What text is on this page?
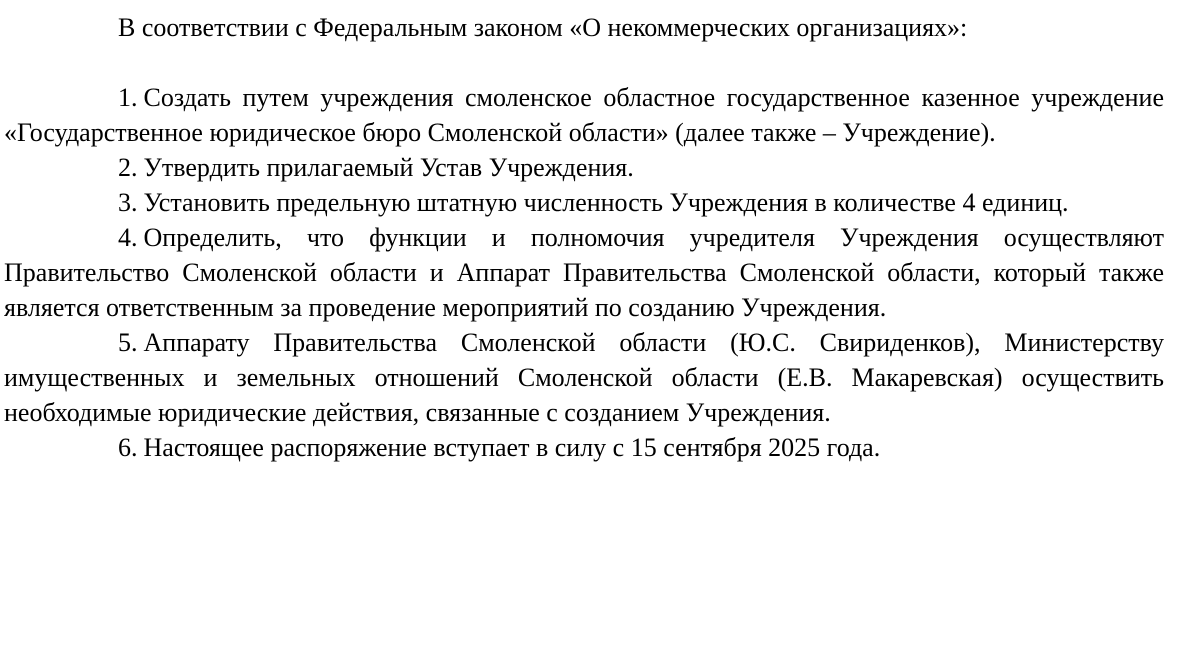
В соответствии с Федеральным законом «О некоммерческих организациях»:

1. Создать путем учреждения смоленское областное государственное казенное учреждение «Государственное юридическое бюро Смоленской области» (далее также – Учреждение).

2. Утвердить прилагаемый Устав Учреждения.

3. Установить предельную штатную численность Учреждения в количестве 4 единиц.

4. Определить, что функции и полномочия учредителя Учреждения осуществляют Правительство Смоленской области и Аппарат Правительства Смоленской области, который также является ответственным за проведение мероприятий по созданию Учреждения.

5. Аппарату Правительства Смоленской области (Ю.С. Свириденков), Министерству имущественных и земельных отношений Смоленской области (Е.В. Макаревская) осуществить необходимые юридические действия, связанные с созданием Учреждения.

6. Настоящее распоряжение вступает в силу с 15 сентября 2025 года.
